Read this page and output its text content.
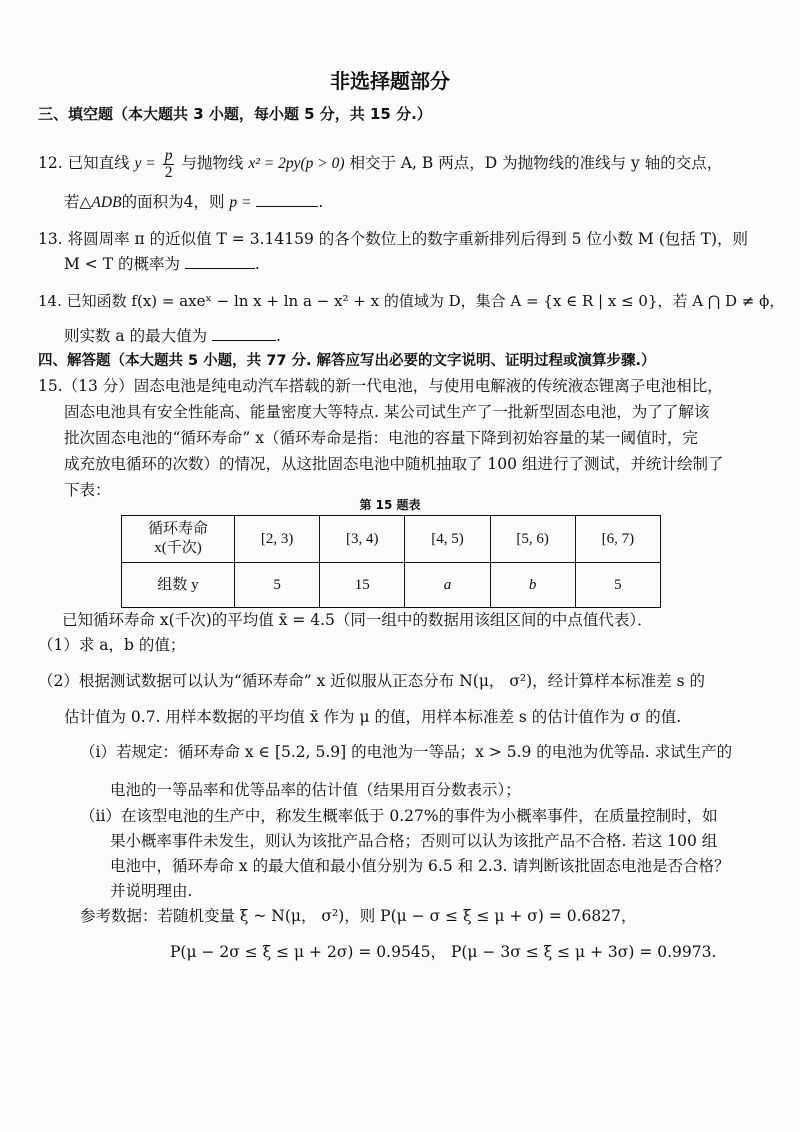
非选择题部分
三、填空题（本大题共 3 小题，每小题 5 分，共 15 分.）
12. 已知直线 $y = \frac{p}{2}$ 与抛物线 x² = 2py(p > 0) 相交于 A, B 两点，D 为抛物线的准线与 y 轴的交点，
若△ADB的面积为4，则 p =	.
13. 将圆周率 π 的近似值 T = 3.14159 的各个数位上的数字重新排列后得到 5 位小数 M (包括 T)，则
M < T 的概率为	.
14. 已知函数 f(x) = axeˣ − ln x + ln a − x² + x 的值域为 D，集合 A = {x ∈ R | x ≤ 0}，若 A ⋂ D ≠ ϕ，
则实数 a 的最大值为	.
四、解答题（本大题共 5 小题，共 77 分. 解答应写出必要的文字说明、证明过程或演算步骤.）
15.（13 分）固态电池是纯电动汽车搭载的新一代电池，与使用电解液的传统液态锂离子电池相比，
固态电池具有安全性能高、能量密度大等特点. 某公司试生产了一批新型固态电池，为了了解该
批次固态电池的“循环寿命” x（循环寿命是指：电池的容量下降到初始容量的某一阈值时，完
成充放电循环的次数）的情况，从这批固态电池中随机抽取了 100 组进行了测试，并统计绘制了
下表：
第 15 题表
循环寿命
x(千次)	[2, 3)	[3, 4)	[4, 5)	[5, 6)	[6, 7)
组数 y	5	15	a	b	5
已知循环寿命 x(千次)的平均值 x̄ = 4.5（同一组中的数据用该组区间的中点值代表）．
（1）求 a，b 的值；
（2）根据测试数据可以认为“循环寿命” x 近似服从正态分布 N(μ， σ²)，经计算样本标准差 s 的
估计值为 0.7. 用样本数据的平均值 x̄ 作为 μ 的值，用样本标准差 s 的估计值作为 σ 的值.
（i）若规定：循环寿命 x ∈ [5.2, 5.9] 的电池为一等品；x > 5.9 的电池为优等品. 求试生产的
电池的一等品率和优等品率的估计值（结果用百分数表示）；
（ii）在该型电池的生产中，称发生概率低于 0.27%的事件为小概率事件，在质量控制时，如
果小概率事件未发生，则认为该批产品合格；否则可以认为该批产品不合格. 若这 100 组
电池中，循环寿命 x 的最大值和最小值分别为 6.5 和 2.3. 请判断该批固态电池是否合格？
并说明理由.
参考数据：若随机变量 ξ ~ N(μ， σ²)，则 P(μ − σ ≤ ξ ≤ μ + σ) = 0.6827，
P(μ − 2σ ≤ ξ ≤ μ + 2σ) = 0.9545， P(μ − 3σ ≤ ξ ≤ μ + 3σ) = 0.9973.
